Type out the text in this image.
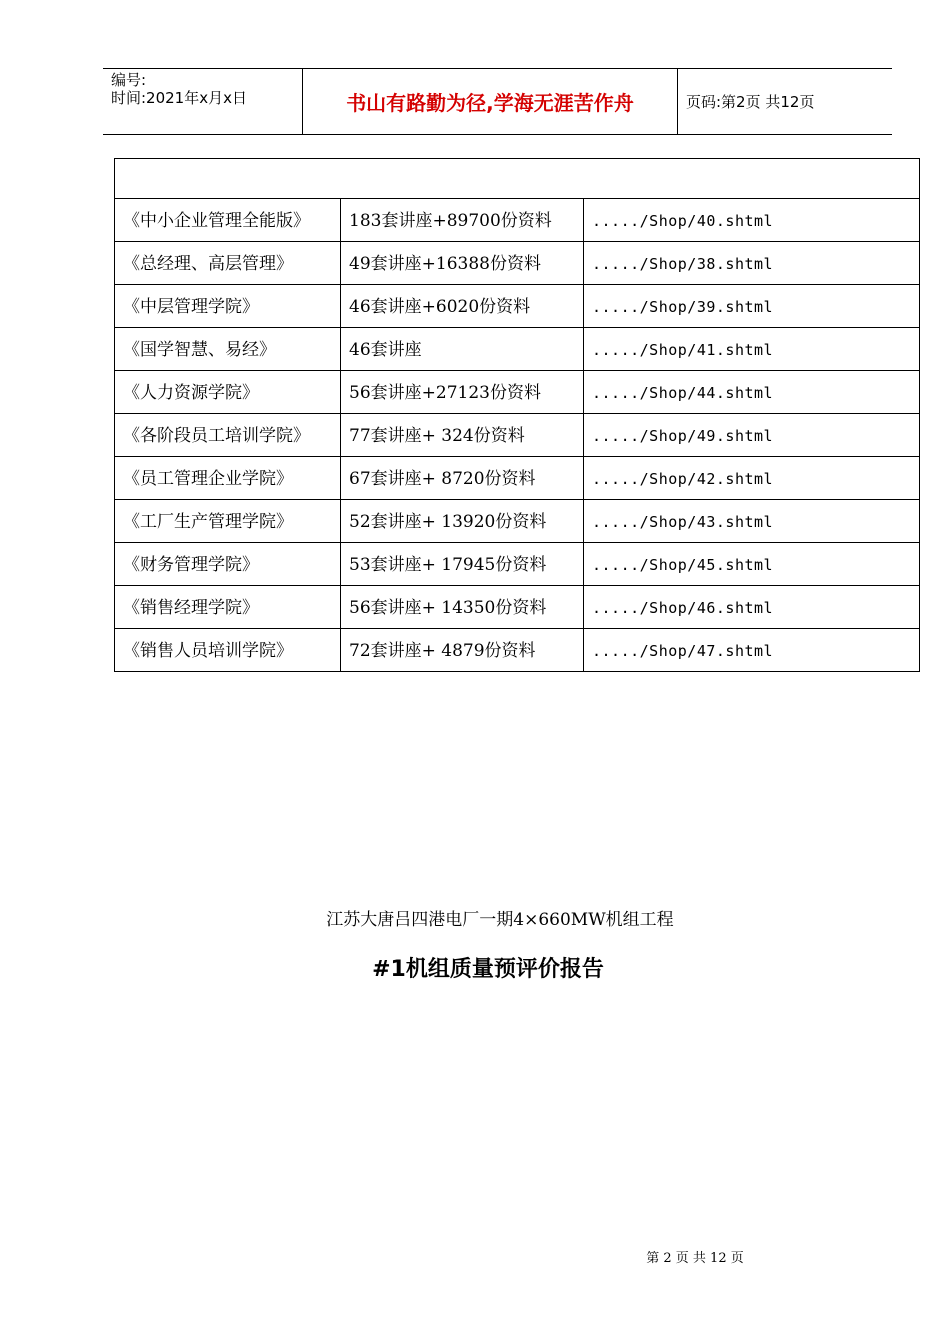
编号:
时间:2021年x月x日	书山有路勤为径,学海无涯苦作舟	页码:第2页 共12页

《中小企业管理全能版》	183套讲座+89700份资料	...../Shop/40.shtml
《总经理、高层管理》	49套讲座+16388份资料	...../Shop/38.shtml
《中层管理学院》	46套讲座+6020份资料	...../Shop/39.shtml
《国学智慧、易经》	46套讲座	...../Shop/41.shtml
《人力资源学院》	56套讲座+27123份资料	...../Shop/44.shtml
《各阶段员工培训学院》	77套讲座+ 324份资料	...../Shop/49.shtml
《员工管理企业学院》	67套讲座+ 8720份资料	...../Shop/42.shtml
《工厂生产管理学院》	52套讲座+ 13920份资料	...../Shop/43.shtml
《财务管理学院》	53套讲座+ 17945份资料	...../Shop/45.shtml
《销售经理学院》	56套讲座+ 14350份资料	...../Shop/46.shtml
《销售人员培训学院》	72套讲座+ 4879份资料	...../Shop/47.shtml
江苏大唐吕四港电厂一期4×660MW机组工程
#1机组质量预评价报告
第 2 页 共 12 页
